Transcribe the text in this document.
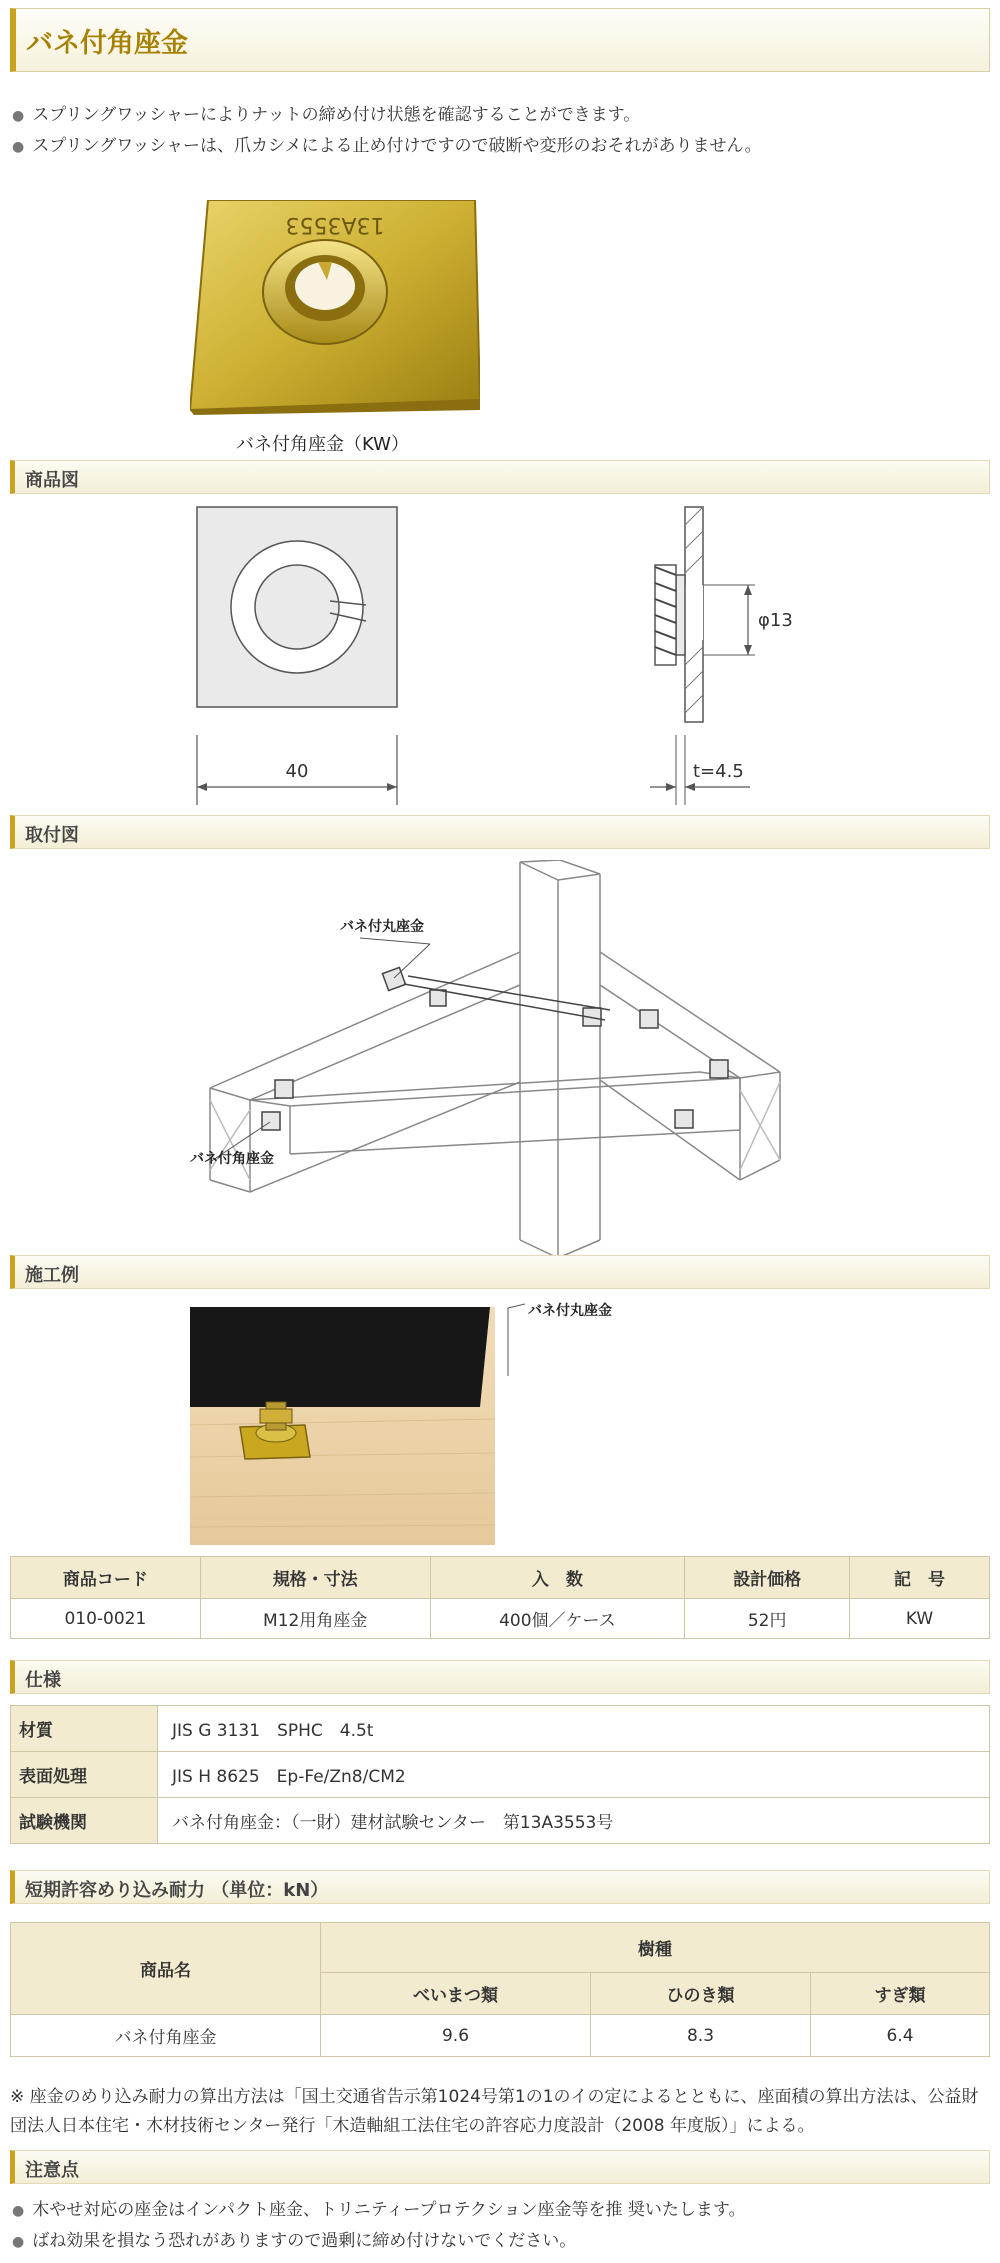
バネ付角座金
● スプリングワッシャーによりナットの締め付け状態を確認することができます。
● スプリングワッシャーは、爪カシメによる止め付けですので破断や変形のおそれがありません。
13A3553
バネ付角座金（KW）
商品図
40
φ13
t=4.5
取付図
バネ付丸座金
バネ付角座金
施工例
バネ付丸座金
商品コード	規格・寸法	入　数	設計価格	記　号
010-0021	M12用角座金	400個／ケース	52円	KW
仕様
材質	JIS G 3131　SPHC　4.5t
表面処理	JIS H 8625　Ep-Fe/Zn8/CM2
試験機関	バネ付角座金：（一財）建材試験センター　第13A3553号
短期許容めり込み耐力 （単位：kN）
商品名	樹種		
	べいまつ類	ひのき類	すぎ類
バネ付角座金	9.6	8.3	6.4
※ 座金のめり込み耐力の算出方法は「国土交通省告示第1024号第1の1のイの定によるとともに、座面積の算出方法は、公益財団法人日本住宅・木材技術センター発行「木造軸組工法住宅の許容応力度設計（2008 年度版）」による。
注意点
● 木やせ対応の座金はインパクト座金、トリニティープロテクション座金等を推 奨いたします。
● ばね効果を損なう恐れがありますので過剰に締め付けないでください。
